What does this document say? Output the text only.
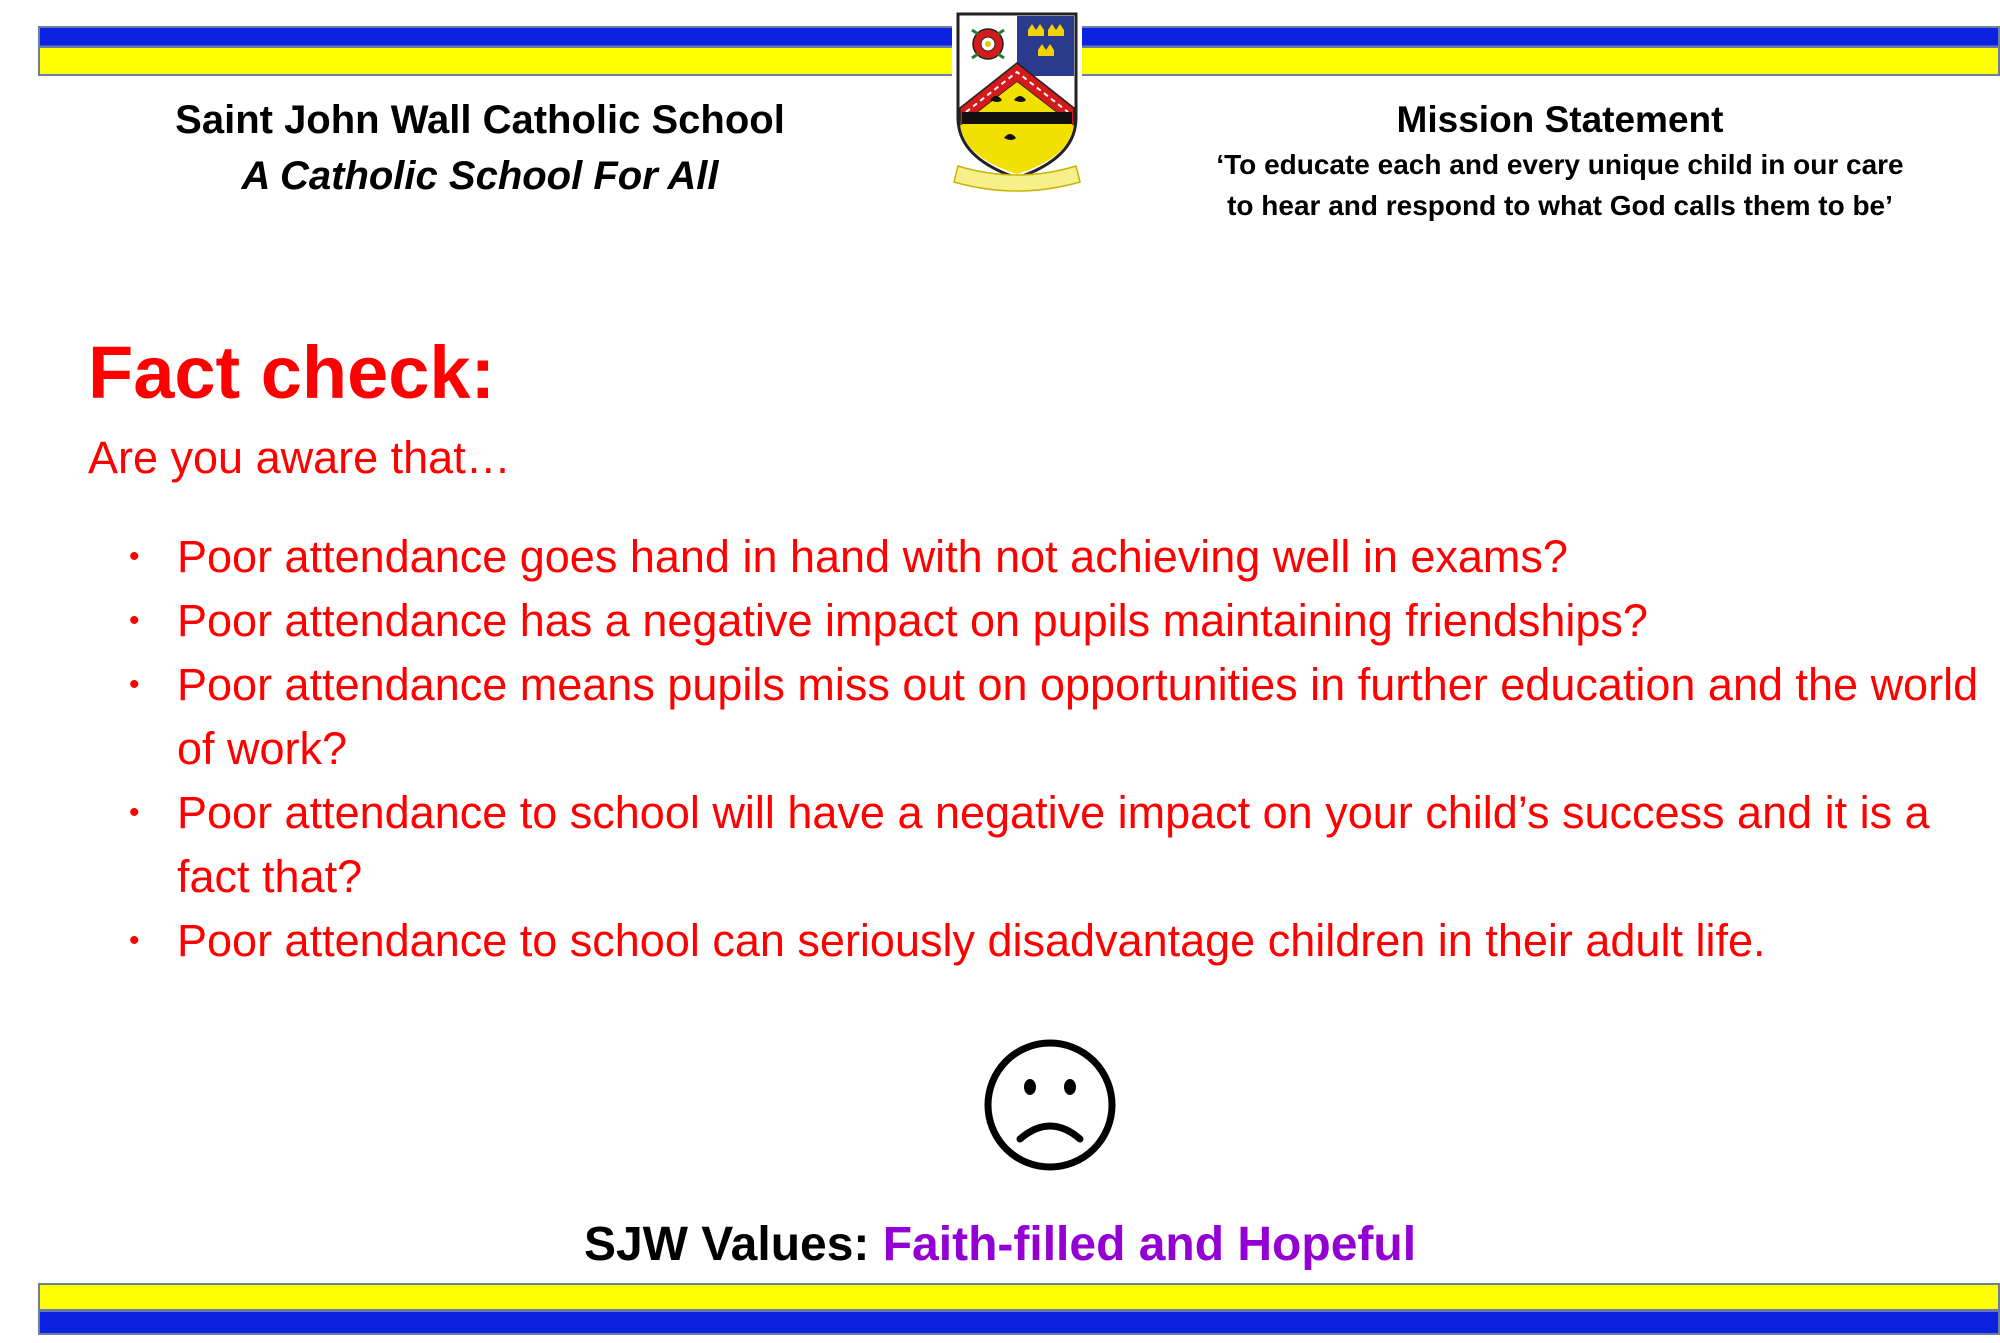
Saint John Wall Catholic School
A Catholic School For All
Mission Statement
‘To educate each and every unique child in our care
to hear and respond to what God calls them to be’
Fact check:
Are you aware that…
• Poor attendance goes hand in hand with not achieving well in exams?
• Poor attendance has a negative impact on pupils maintaining friendships?
• Poor attendance means pupils miss out on opportunities in further education and the world of work?
• Poor attendance to school will have a negative impact on your child’s success and it is a fact that?
• Poor attendance to school can seriously disadvantage children in their adult life.
SJW Values: Faith-filled and Hopeful
